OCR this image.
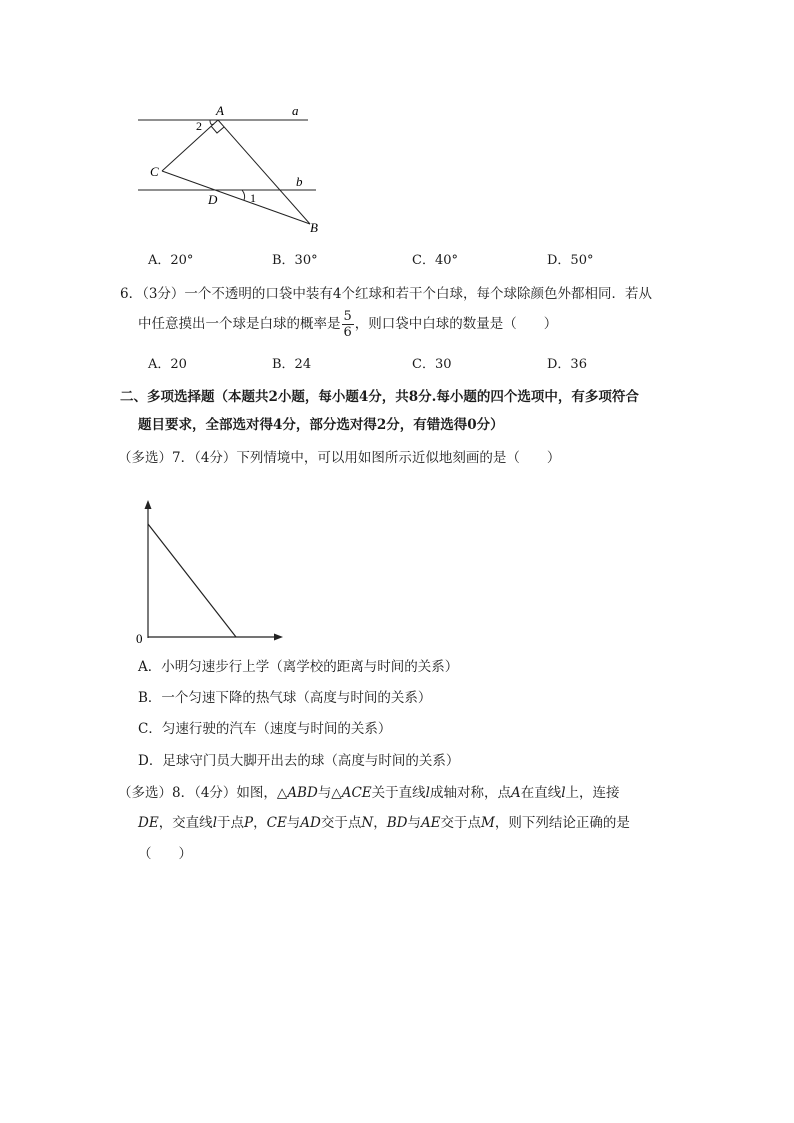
A	a
2
C
b
D	1
B
A．20°	B．30°	C．40°	D．50°
6．（3分）一个不透明的口袋中装有4个红球和若干个白球，每个球除颜色外都相同．若从
中任意摸出一个球是白球的概率是 $\frac{5}{6}$ ，则口袋中白球的数量是（　　）
A．20	B．24	C．30	D．36
二、多项选择题（本题共2小题，每小题4分，共8分.每小题的四个选项中，有多项符合
题目要求，全部选对得4分，部分选对得2分，有错选得0分）
（多选）7．（4分）下列情境中，可以用如图所示近似地刻画的是（　　）
0
A．小明匀速步行上学（离学校的距离与时间的关系）
B．一个匀速下降的热气球（高度与时间的关系）
C．匀速行驶的汽车（速度与时间的关系）
D．足球守门员大脚开出去的球（高度与时间的关系）
（多选）8．（4分）如图，△ABD与△ACE关于直线l成轴对称，点A在直线l上，连接
DE，交直线l于点P，CE与AD交于点N，BD与AE交于点M，则下列结论正确的是
（　　）
